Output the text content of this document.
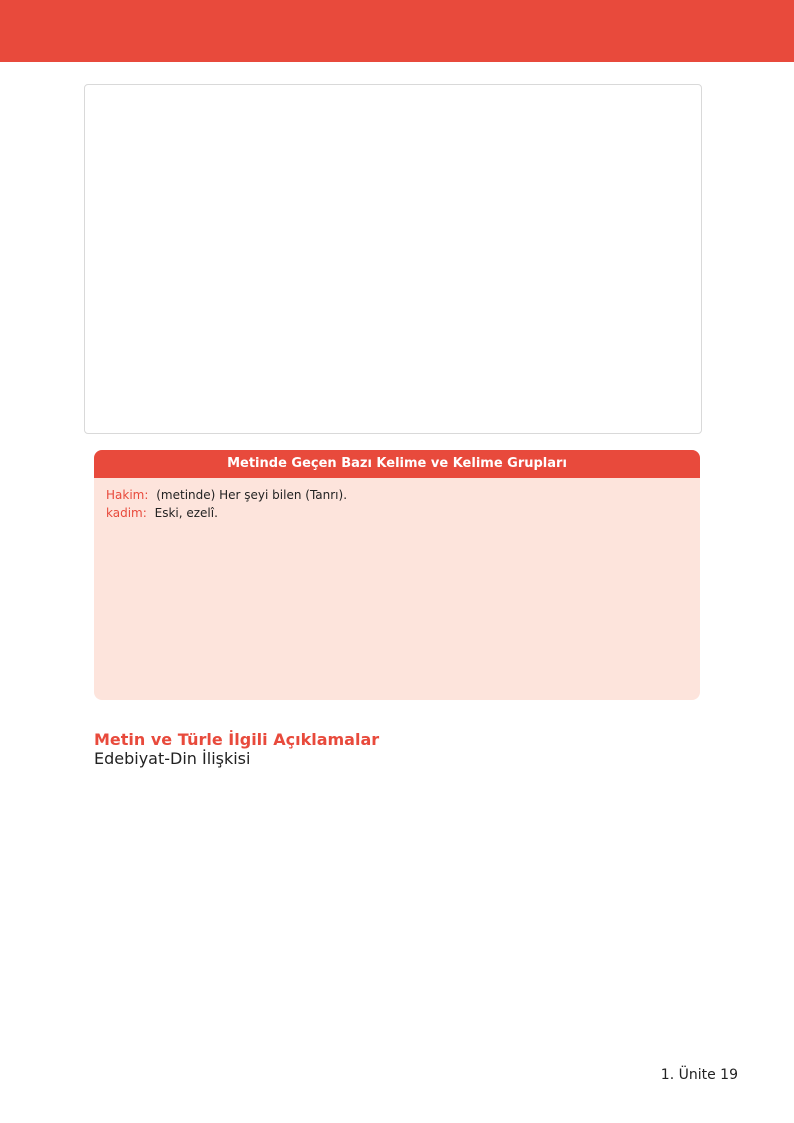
Metinde Geçen Bazı Kelime ve Kelime Grupları
Hakim: (metinde) Her şeyi bilen (Tanrı).
kadim: Eski, ezelî.
Metin ve Türle İlgili Açıklamalar
Edebiyat-Din İlişkisi
1. Ünite 19
